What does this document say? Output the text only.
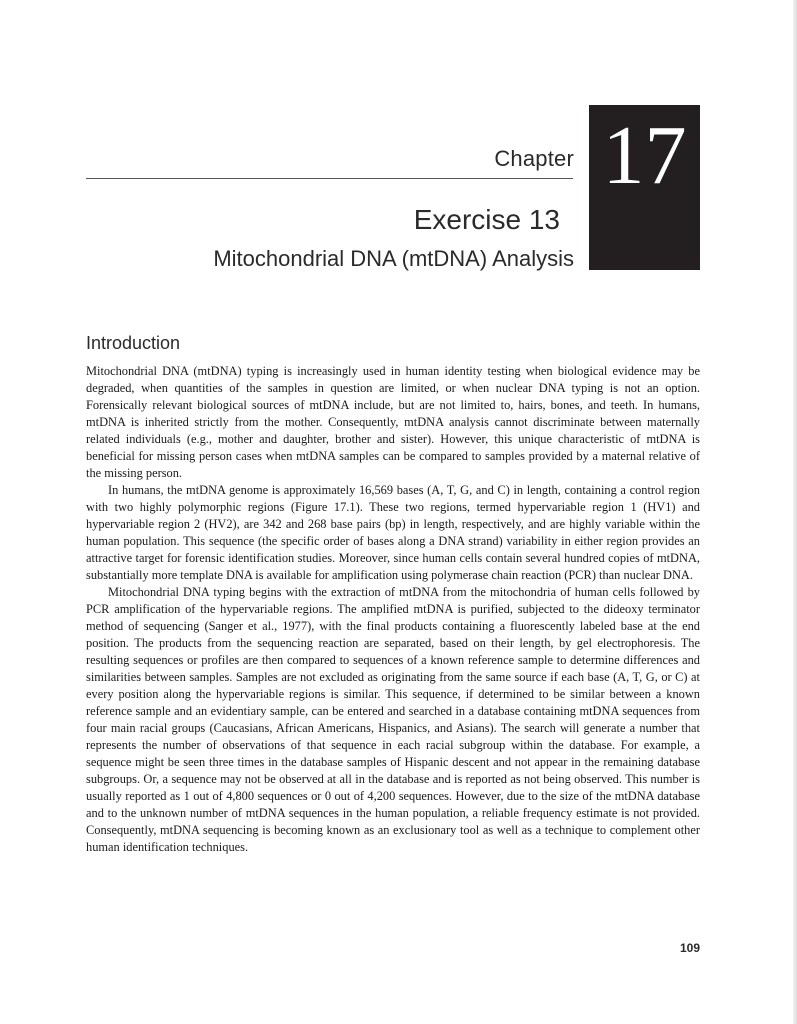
Chapter 17
Exercise 13
Mitochondrial DNA (mtDNA) Analysis
Introduction

Mitochondrial DNA (mtDNA) typing is increasingly used in human identity testing when biological evidence may be degraded, when quantities of the samples in question are limited, or when nuclear DNA typing is not an option. Forensically relevant biological sources of mtDNA include, but are not limited to, hairs, bones, and teeth. In humans, mtDNA is inherited strictly from the mother. Consequently, mtDNA analysis cannot discriminate between maternally related individuals (e.g., mother and daughter, brother and sister). However, this unique characteristic of mtDNA is beneficial for missing person cases when mtDNA samples can be compared to samples provided by a maternal relative of the missing person.

In humans, the mtDNA genome is approximately 16,569 bases (A, T, G, and C) in length, containing a control region with two highly polymorphic regions (Figure 17.1). These two regions, termed hypervariable region 1 (HV1) and hypervariable region 2 (HV2), are 342 and 268 base pairs (bp) in length, respectively, and are highly variable within the human population. This sequence (the specific order of bases along a DNA strand) variability in either region provides an attractive target for forensic identification studies. Moreover, since human cells contain several hundred copies of mtDNA, substantially more template DNA is available for amplification using polymerase chain reaction (PCR) than nuclear DNA.

Mitochondrial DNA typing begins with the extraction of mtDNA from the mitochondria of human cells followed by PCR amplification of the hypervariable regions. The amplified mtDNA is purified, subjected to the dideoxy terminator method of sequencing (Sanger et al., 1977), with the final products containing a fluorescently labeled base at the end position. The products from the sequencing reaction are separated, based on their length, by gel electrophoresis. The resulting sequences or profiles are then compared to sequences of a known reference sample to determine differences and similarities between samples. Samples are not excluded as originating from the same source if each base (A, T, G, or C) at every position along the hypervariable regions is similar. This sequence, if determined to be similar between a known reference sample and an evidentiary sample, can be entered and searched in a database containing mtDNA sequences from four main racial groups (Caucasians, African Americans, Hispanics, and Asians). The search will generate a number that represents the number of observations of that sequence in each racial subgroup within the database. For example, a sequence might be seen three times in the database samples of Hispanic descent and not appear in the remaining database subgroups. Or, a sequence may not be observed at all in the database and is reported as not being observed. This number is usually reported as 1 out of 4,800 sequences or 0 out of 4,200 sequences. However, due to the size of the mtDNA database and to the unknown number of mtDNA sequences in the human population, a reliable frequency estimate is not provided. Consequently, mtDNA sequencing is becoming known as an exclusionary tool as well as a technique to complement other human identification techniques.

109
